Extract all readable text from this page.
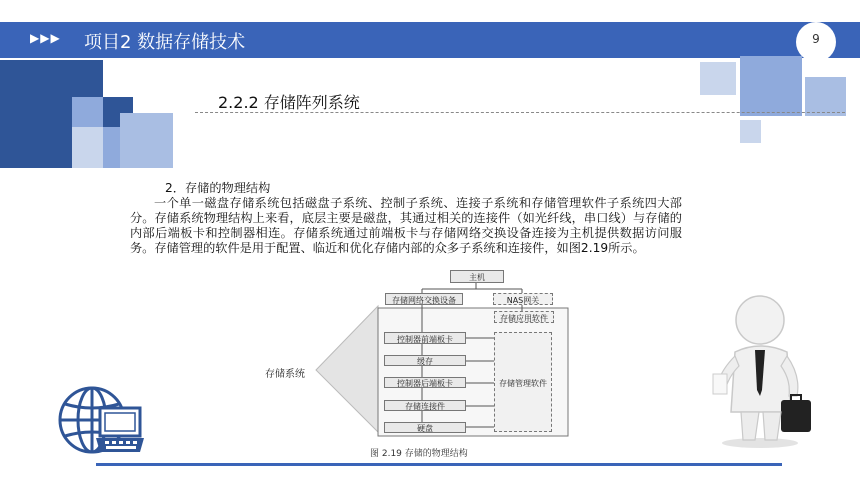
▶▶▶ 项目2 数据存储技术	9
2.2.2 存储阵列系统
2．存储的物理结构
一个单一磁盘存储系统包括磁盘子系统、控制子系统、连接子系统和存储管理软件子系统四大部分。存储系统物理结构上来看，底层主要是磁盘，其通过相关的连接件（如光纤线，串口线）与存储的内部后端板卡和控制器相连。存储系统通过前端板卡与存储网络交换设备连接为主机提供数据访问服务。存储管理的软件是用于配置、临近和优化存储内部的众多子系统和连接件，如图2.19所示。
主机
存储网络交换设备	NAS网关
存储应用软件
控制器前端板卡
缓存
控制器后端板卡
存储连接件
硬盘
存储管理软件
存储系统
图 2.19 存储的物理结构
